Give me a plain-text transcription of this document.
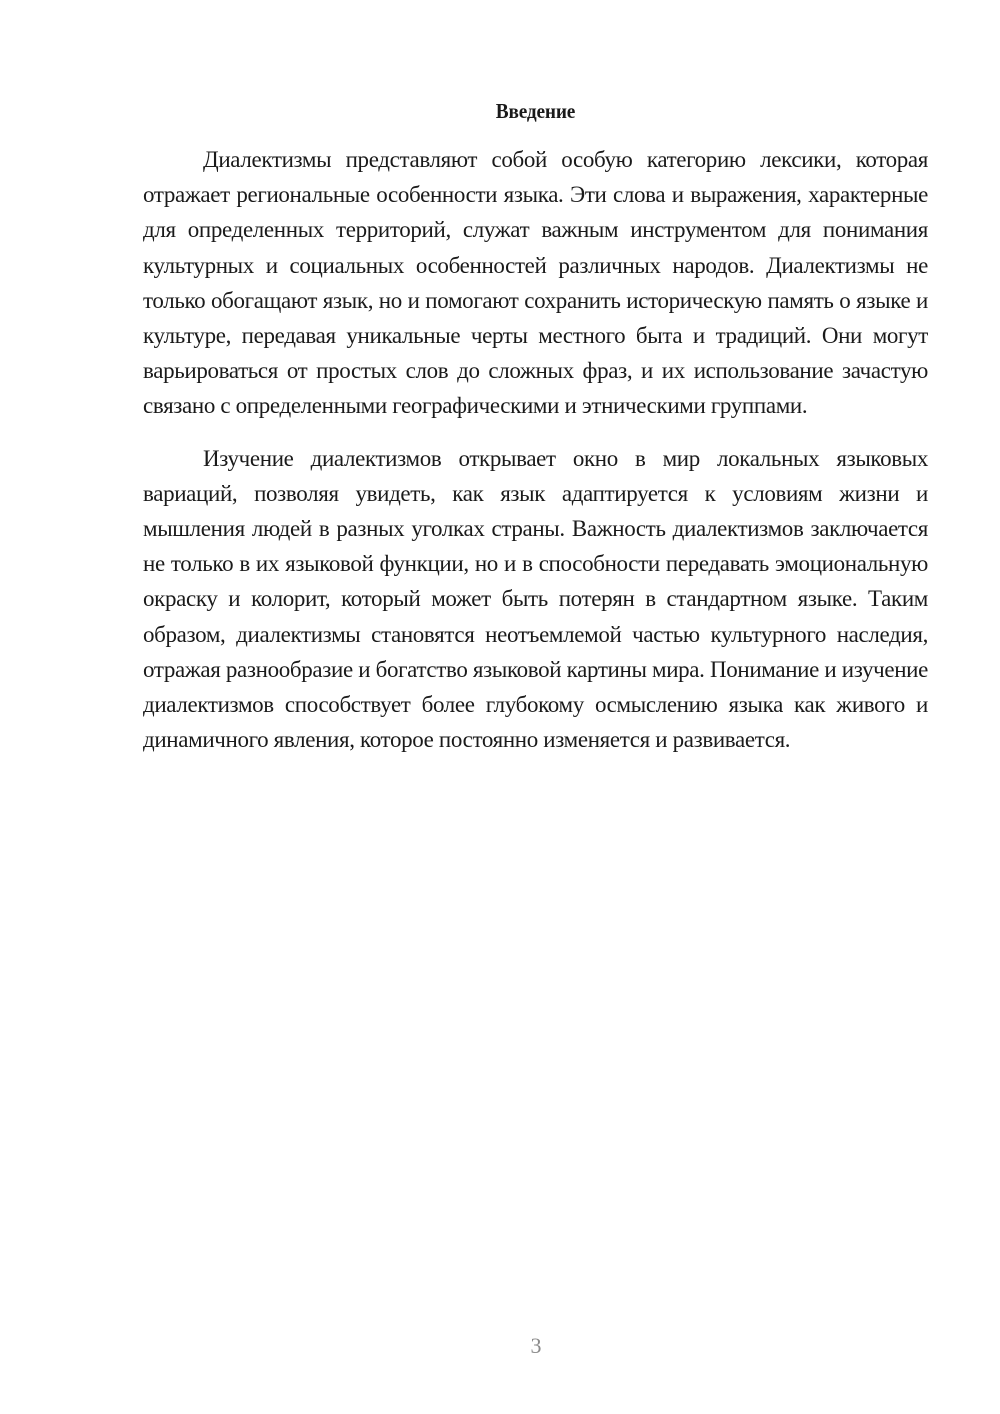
Введение

Диалектизмы представляют собой особую категорию лексики, которая отражает региональные особенности языка. Эти слова и выражения, характерные для определенных территорий, служат важным инструментом для понимания культурных и социальных особенностей различных народов. Диалектизмы не только обогащают язык, но и помогают сохранить историческую память о языке и культуре, передавая уникальные черты местного быта и традиций. Они могут варьироваться от простых слов до сложных фраз, и их использование зачастую связано с определенными географическими и этническими группами.

Изучение диалектизмов открывает окно в мир локальных языковых вариаций, позволяя увидеть, как язык адаптируется к условиям жизни и мышления людей в разных уголках страны. Важность диалектизмов заключается не только в их языковой функции, но и в способности передавать эмоциональную окраску и колорит, который может быть потерян в стандартном языке. Таким образом, диалектизмы становятся неотъемлемой частью культурного наследия, отражая разнообразие и богатство языковой картины мира. Понимание и изучение диалектизмов способствует более глубокому осмыслению языка как живого и динамичного явления, которое постоянно изменяется и развивается.

3
